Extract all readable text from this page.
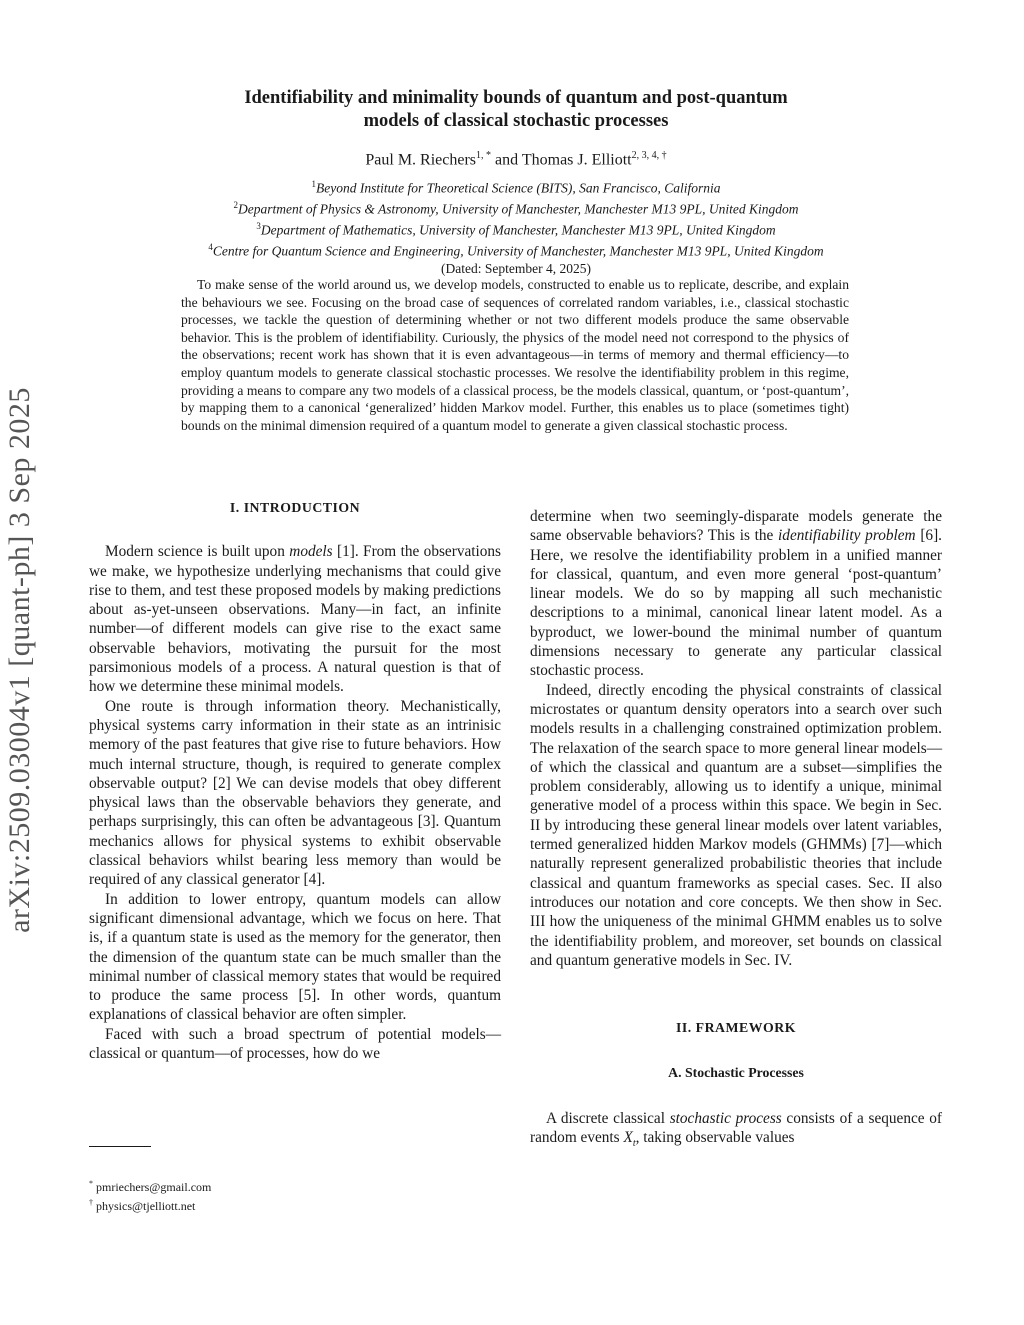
arXiv:2509.03004v1 [quant-ph] 3 Sep 2025
Identifiability and minimality bounds of quantum and post-quantum
models of classical stochastic processes
Paul M. Riechers$^{1, *}$ and Thomas J. Elliott$^{2, 3, 4, \dagger}$
$^1$Beyond Institute for Theoretical Science (BITS), San Francisco, California
$^2$Department of Physics & Astronomy, University of Manchester, Manchester M13 9PL, United Kingdom
$^3$Department of Mathematics, University of Manchester, Manchester M13 9PL, United Kingdom
$^4$Centre for Quantum Science and Engineering, University of Manchester, Manchester M13 9PL, United Kingdom
(Dated: September 4, 2025)

To make sense of the world around us, we develop models, constructed to enable us to replicate, describe, and explain the behaviours we see. Focusing on the broad case of sequences of correlated random variables, i.e., classical stochastic processes, we tackle the question of determining whether or not two different models produce the same observable behavior. This is the problem of identifiability. Curiously, the physics of the model need not correspond to the physics of the observations; recent work has shown that it is even advantageous—in terms of memory and thermal efficiency—to employ quantum models to generate classical stochastic processes. We resolve the identifiability problem in this regime, providing a means to compare any two models of a classical process, be the models classical, quantum, or ‘post-quantum’, by mapping them to a canonical ‘generalized’ hidden Markov model. Further, this enables us to place (sometimes tight) bounds on the minimal dimension required of a quantum model to generate a given classical stochastic process.

I. INTRODUCTION

Modern science is built upon models [1]. From the observations we make, we hypothesize underlying mechanisms that could give rise to them, and test these proposed models by making predictions about as-yet-unseen observations. Many—in fact, an infinite number—of different models can give rise to the exact same observable behaviors, motivating the pursuit for the most parsimonious models of a process. A natural question is that of how we determine these minimal models.

One route is through information theory. Mechanistically, physical systems carry information in their state as an intrinisic memory of the past features that give rise to future behaviors. How much internal structure, though, is required to generate complex observable output? [2] We can devise models that obey different physical laws than the observable behaviors they generate, and perhaps surprisingly, this can often be advantageous [3]. Quantum mechanics allows for physical systems to exhibit observable classical behaviors whilst bearing less memory than would be required of any classical generator [4].

In addition to lower entropy, quantum models can allow significant dimensional advantage, which we focus on here. That is, if a quantum state is used as the memory for the generator, then the dimension of the quantum state can be much smaller than the minimal number of classical memory states that would be required to produce the same process [5]. In other words, quantum explanations of classical behavior are often simpler.

Faced with such a broad spectrum of potential models—classical or quantum—of processes, how do we

determine when two seemingly-disparate models generate the same observable behaviors? This is the identifiability problem [6]. Here, we resolve the identifiability problem in a unified manner for classical, quantum, and even more general ‘post-quantum’ linear models. We do so by mapping all such mechanistic descriptions to a minimal, canonical linear latent model. As a byproduct, we lower-bound the minimal number of quantum dimensions necessary to generate any particular classical stochastic process.

Indeed, directly encoding the physical constraints of classical microstates or quantum density operators into a search over such models results in a challenging constrained optimization problem. The relaxation of the search space to more general linear models—of which the classical and quantum are a subset—simplifies the problem considerably, allowing us to identify a unique, minimal generative model of a process within this space. We begin in Sec. II by introducing these general linear models over latent variables, termed generalized hidden Markov models (GHMMs) [7]—which naturally represent generalized probabilistic theories that include classical and quantum frameworks as special cases. Sec. II also introduces our notation and core concepts. We then show in Sec. III how the uniqueness of the minimal GHMM enables us to solve the identifiability problem, and moreover, set bounds on classical and quantum generative models in Sec. IV.

II. FRAMEWORK
A. Stochastic Processes

A discrete classical stochastic process consists of a sequence of random events $X_t$, taking observable values

* pmriechers@gmail.com
† physics@tjelliott.net
